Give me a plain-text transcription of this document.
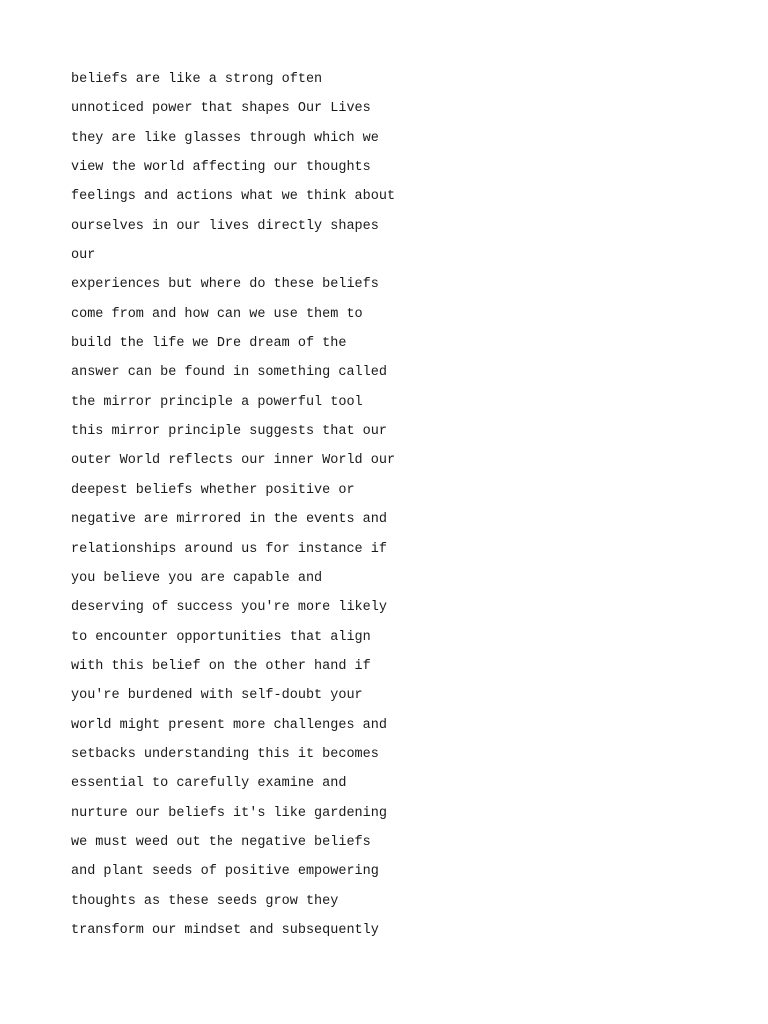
beliefs are like a strong often
unnoticed power that shapes Our Lives
they are like glasses through which we
view the world affecting our thoughts
feelings and actions what we think about
ourselves in our lives directly shapes
our
experiences but where do these beliefs
come from and how can we use them to
build the life we Dre dream of the
answer can be found in something called
the mirror principle a powerful tool
this mirror principle suggests that our
outer World reflects our inner World our
deepest beliefs whether positive or
negative are mirrored in the events and
relationships around us for instance if
you believe you are capable and
deserving of success you're more likely
to encounter opportunities that align
with this belief on the other hand if
you're burdened with self-doubt your
world might present more challenges and
setbacks understanding this it becomes
essential to carefully examine and
nurture our beliefs it's like gardening
we must weed out the negative beliefs
and plant seeds of positive empowering
thoughts as these seeds grow they
transform our mindset and subsequently
